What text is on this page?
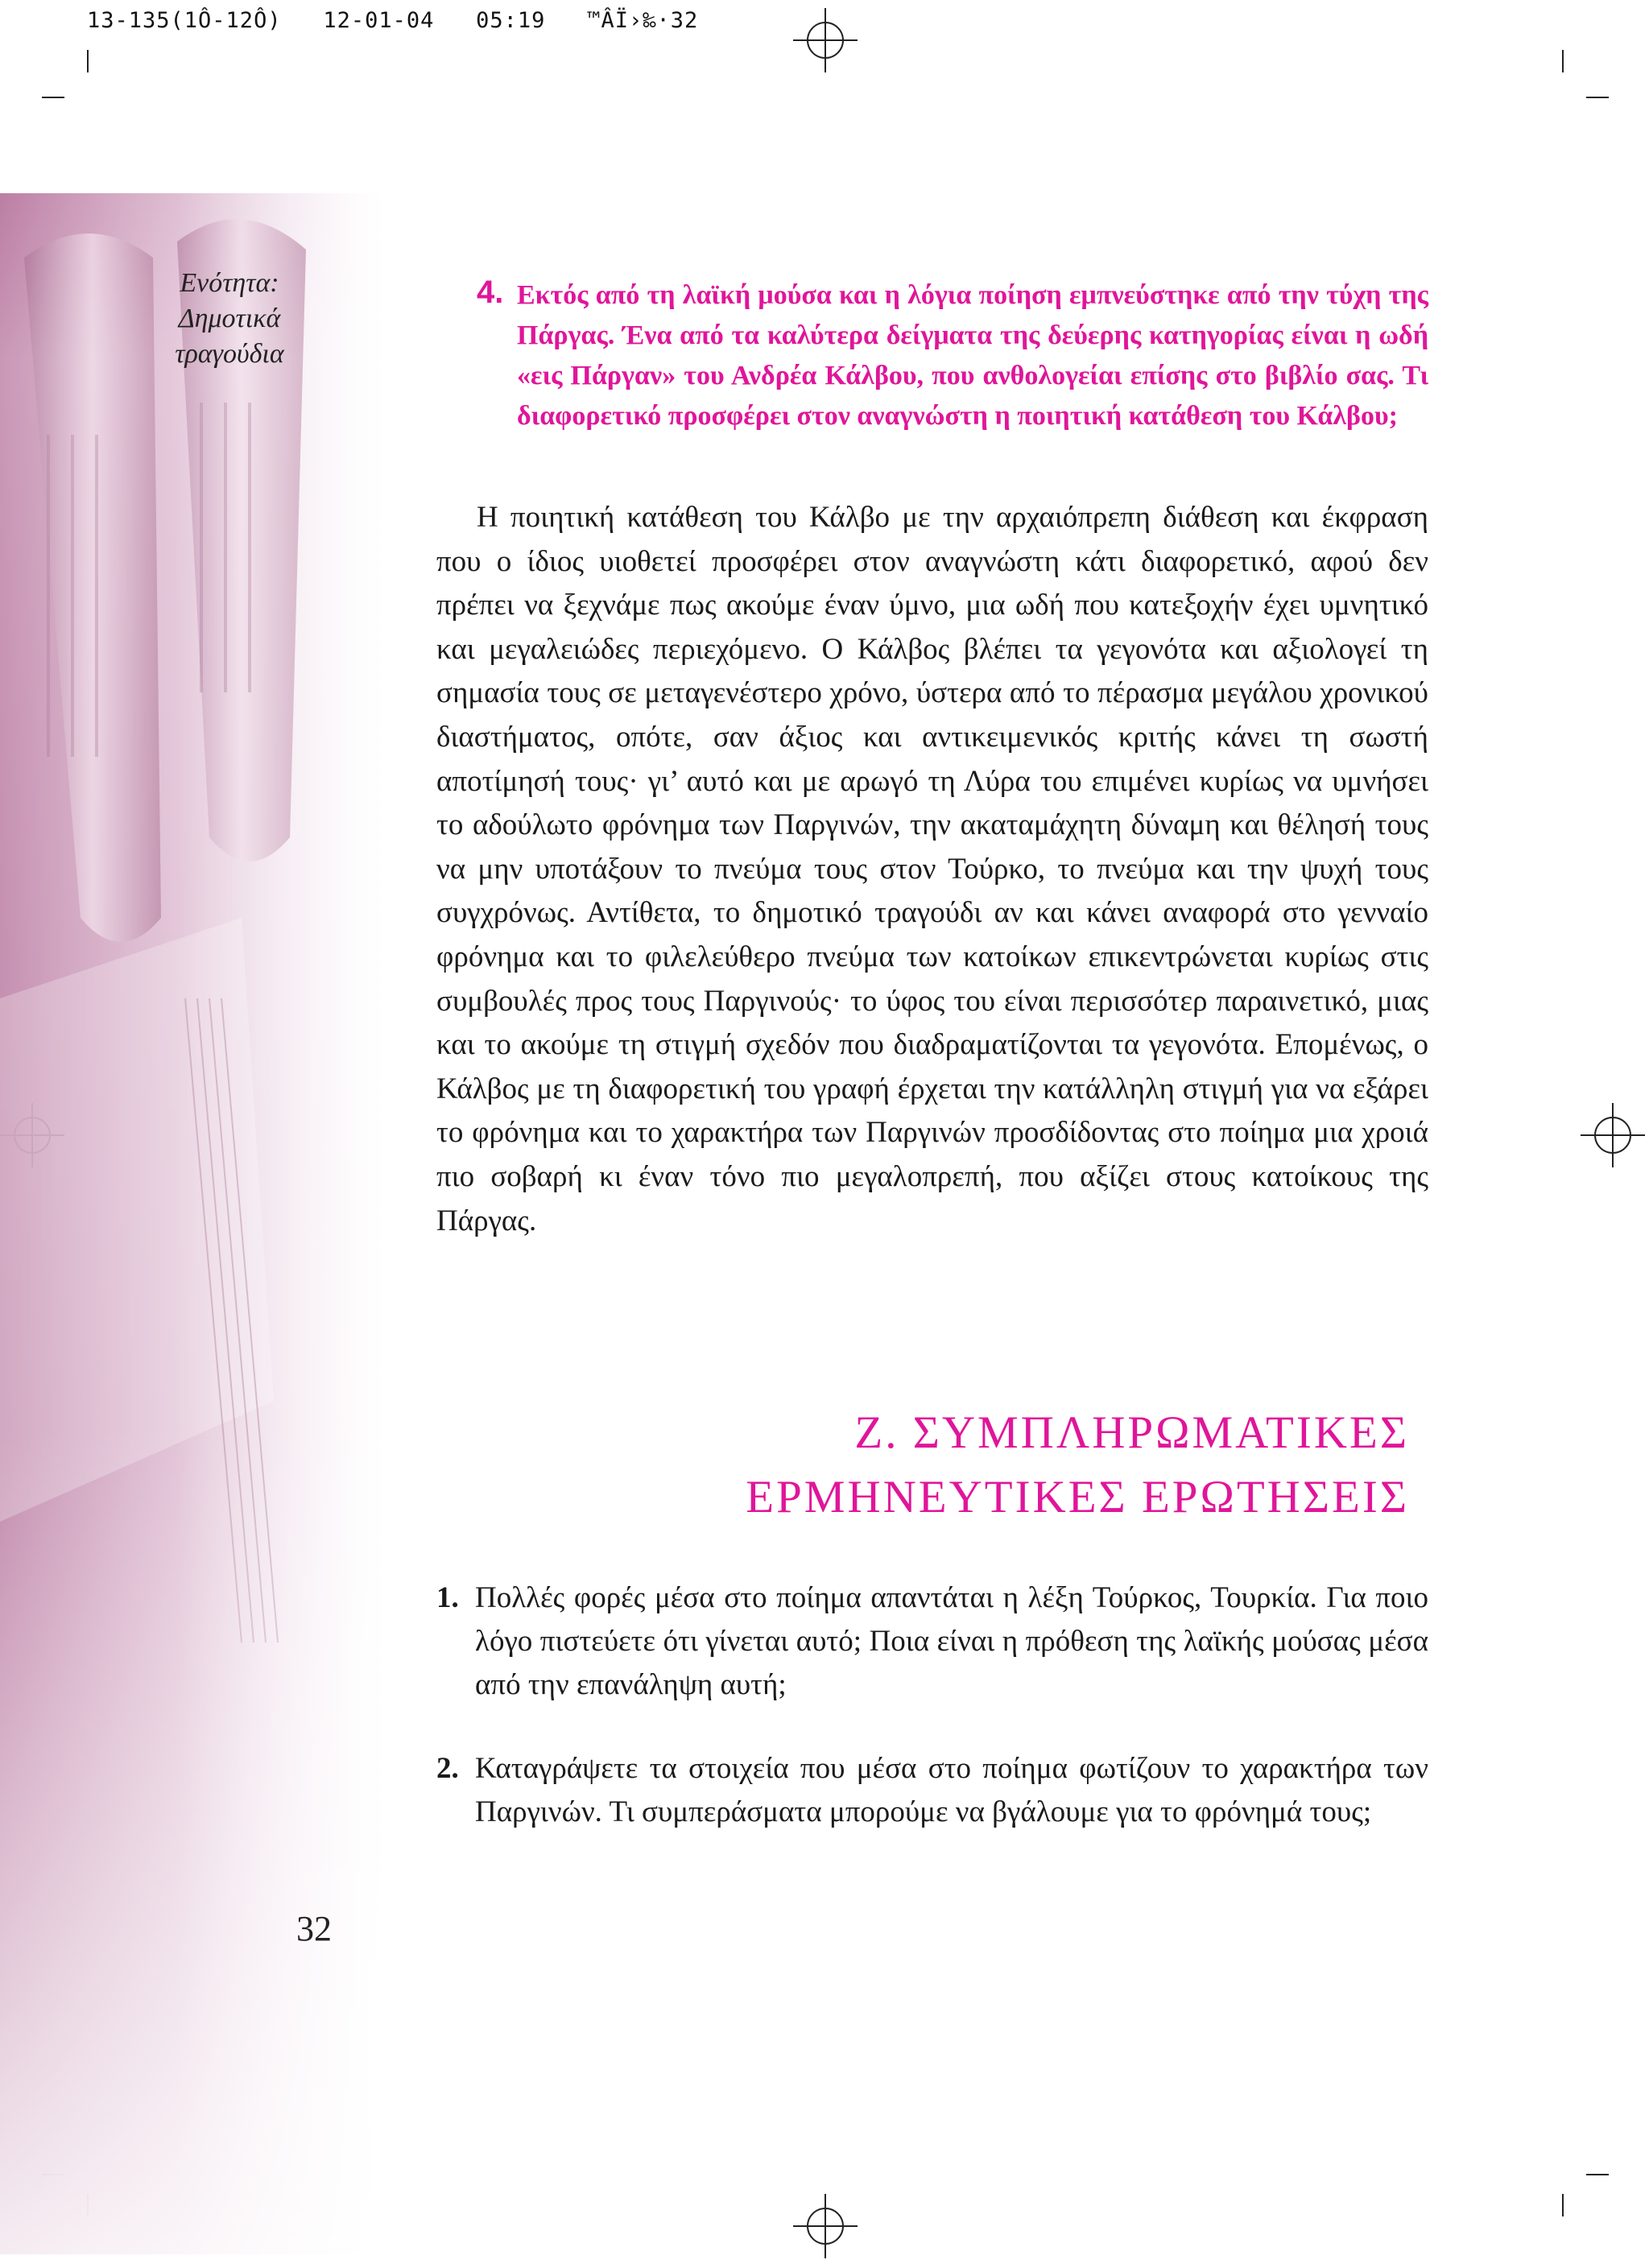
13-135(1Ô-12Ô)   12-01-04   05:19   ™ÂÏ›‰·32
Ενότητα:
Δημοτικά
τραγούδια
4. Εκτός από τη λαϊκή μούσα και η λόγια ποίηση εμπνεύστηκε από την τύχη της Πάργας. Ένα από τα καλύτερα δείγματα της δεύερης κατηγορίας είναι η ωδή «εις Πάργαν» του Ανδρέα Κάλβου, που ανθολογείαι επίσης στο βιβλίο σας. Τι διαφορετικό προσφέρει στον αναγνώστη η ποιητική κατάθεση του Κάλβου;

Η ποιητική κατάθεση του Κάλβο με την αρχαιόπρεπη διάθεση και έκφραση που ο ίδιος υιοθετεί προσφέρει στον αναγνώστη κάτι διαφορετικό, αφού δεν πρέπει να ξεχνάμε πως ακούμε έναν ύμνο, μια ωδή που κατεξοχήν έχει υμνητικό και μεγαλειώδες περιεχόμενο. Ο Κάλβος βλέπει τα γεγονότα και αξιολογεί τη σημασία τους σε μεταγενέστερο χρόνο, ύστερα από το πέρασμα μεγάλου χρονικού διαστήματος, οπότε, σαν άξιος και αντικειμενικός κριτής κάνει τη σωστή αποτίμησή τους· γι’ αυτό και με αρωγό τη Λύρα του επιμένει κυρίως να υμνήσει το αδούλωτο φρόνημα των Παργινών, την ακαταμάχητη δύναμη και θέλησή τους να μην υποτάξουν το πνεύμα τους στον Τούρκο, το πνεύμα και την ψυχή τους συγχρόνως. Αντίθετα, το δημοτικό τραγούδι αν και κάνει αναφορά στο γενναίο φρόνημα και το φιλελεύθερο πνεύμα των κατοίκων επικεντρώνεται κυρίως στις συμβουλές προς τους Παργινούς· το ύφος του είναι περισσότερ παραινετικό, μιας και το ακούμε τη στιγμή σχεδόν που διαδραματίζονται τα γεγονότα. Επομένως, ο Κάλβος με τη διαφορετική του γραφή έρχεται την κατάλληλη στιγμή για να εξάρει το φρόνημα και το χαρακτήρα των Παργινών προσδίδοντας στο ποίημα μια χροιά πιο σοβαρή κι έναν τόνο πιο μεγαλοπρεπή, που αξίζει στους κατοίκους της Πάργας.

Ζ. ΣΥΜΠΛΗΡΩΜΑΤΙΚΕΣ
ΕΡΜΗΝΕΥΤΙΚΕΣ ΕΡΩΤΗΣΕΙΣ
1. Πολλές φορές μέσα στο ποίημα απαντάται η λέξη Τούρκος, Τουρκία. Για ποιο λόγο πιστεύετε ότι γίνεται αυτό; Ποια είναι η πρόθεση της λαϊκής μούσας μέσα από την επανάληψη αυτή;
2. Καταγράψετε τα στοιχεία που μέσα στο ποίημα φωτίζουν το χαρακτήρα των Παργινών. Τι συμπεράσματα μπορούμε να βγάλουμε για το φρόνημά τους;
32
